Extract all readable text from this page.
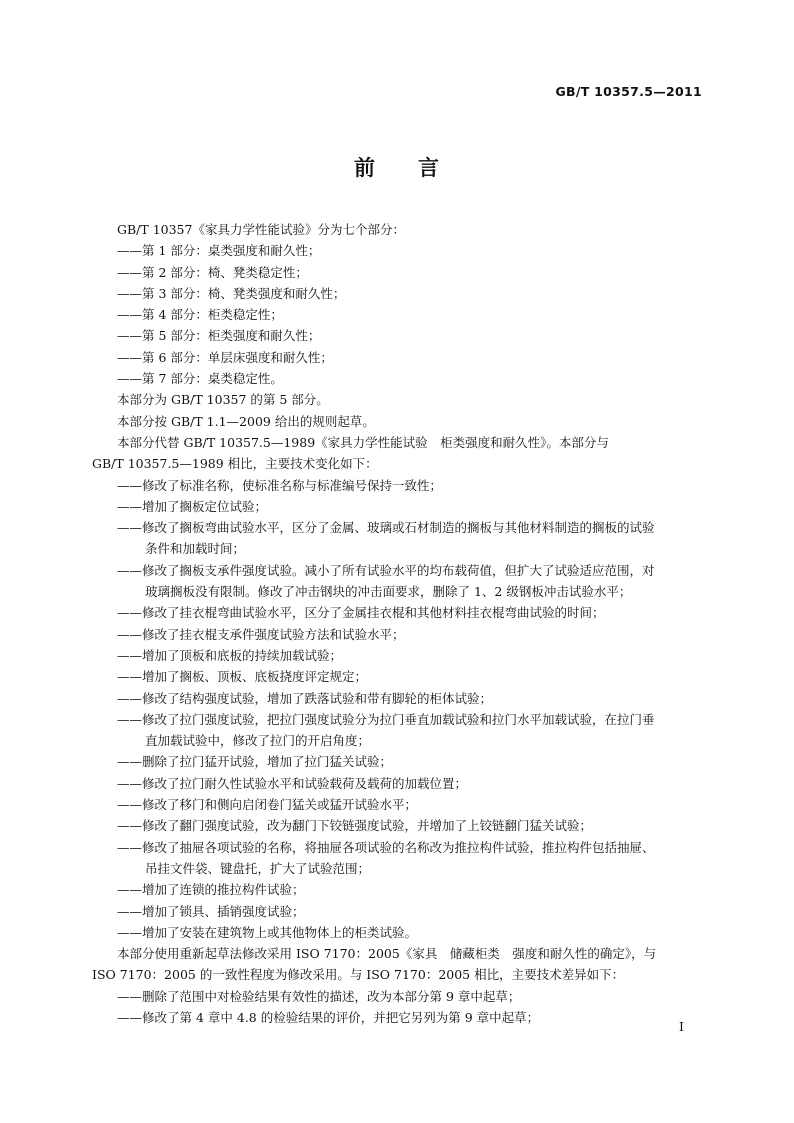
GB/T 10357.5—2011
前 言
GB/T 10357《家具力学性能试验》分为七个部分：
——第 1 部分：桌类强度和耐久性；
——第 2 部分：椅、凳类稳定性；
——第 3 部分：椅、凳类强度和耐久性；
——第 4 部分：柜类稳定性；
——第 5 部分：柜类强度和耐久性；
——第 6 部分：单层床强度和耐久性；
——第 7 部分：桌类稳定性。
本部分为 GB/T 10357 的第 5 部分。
本部分按 GB/T 1.1—2009 给出的规则起草。
本部分代替 GB/T 10357.5—1989《家具力学性能试验　柜类强度和耐久性》。本部分与
GB/T 10357.5—1989 相比，主要技术变化如下：
——修改了标准名称，使标准名称与标准编号保持一致性；
——增加了搁板定位试验；
——修改了搁板弯曲试验水平，区分了金属、玻璃或石材制造的搁板与其他材料制造的搁板的试验
条件和加载时间；
——修改了搁板支承件强度试验。减小了所有试验水平的均布载荷值，但扩大了试验适应范围，对
玻璃搁板没有限制。修改了冲击钢块的冲击面要求，删除了 1、2 级钢板冲击试验水平；
——修改了挂衣棍弯曲试验水平，区分了金属挂衣棍和其他材料挂衣棍弯曲试验的时间；
——修改了挂衣棍支承件强度试验方法和试验水平；
——增加了顶板和底板的持续加载试验；
——增加了搁板、顶板、底板挠度评定规定；
——修改了结构强度试验，增加了跌落试验和带有脚轮的柜体试验；
——修改了拉门强度试验，把拉门强度试验分为拉门垂直加载试验和拉门水平加载试验，在拉门垂
直加载试验中，修改了拉门的开启角度；
——删除了拉门猛开试验，增加了拉门猛关试验；
——修改了拉门耐久性试验水平和试验载荷及载荷的加载位置；
——修改了移门和侧向启闭卷门猛关或猛开试验水平；
——修改了翻门强度试验，改为翻门下铰链强度试验，并增加了上铰链翻门猛关试验；
——修改了抽屉各项试验的名称，将抽屉各项试验的名称改为推拉构件试验，推拉构件包括抽屉、
吊挂文件袋、键盘托，扩大了试验范围；
——增加了连锁的推拉构件试验；
——增加了锁具、插销强度试验；
——增加了安装在建筑物上或其他物体上的柜类试验。
本部分使用重新起草法修改采用 ISO 7170：2005《家具　储藏柜类　强度和耐久性的确定》，与
ISO 7170：2005 的一致性程度为修改采用。与 ISO 7170：2005 相比，主要技术差异如下：
——删除了范围中对检验结果有效性的描述，改为本部分第 9 章中起草；
——修改了第 4 章中 4.8 的检验结果的评价，并把它另列为第 9 章中起草；
I
